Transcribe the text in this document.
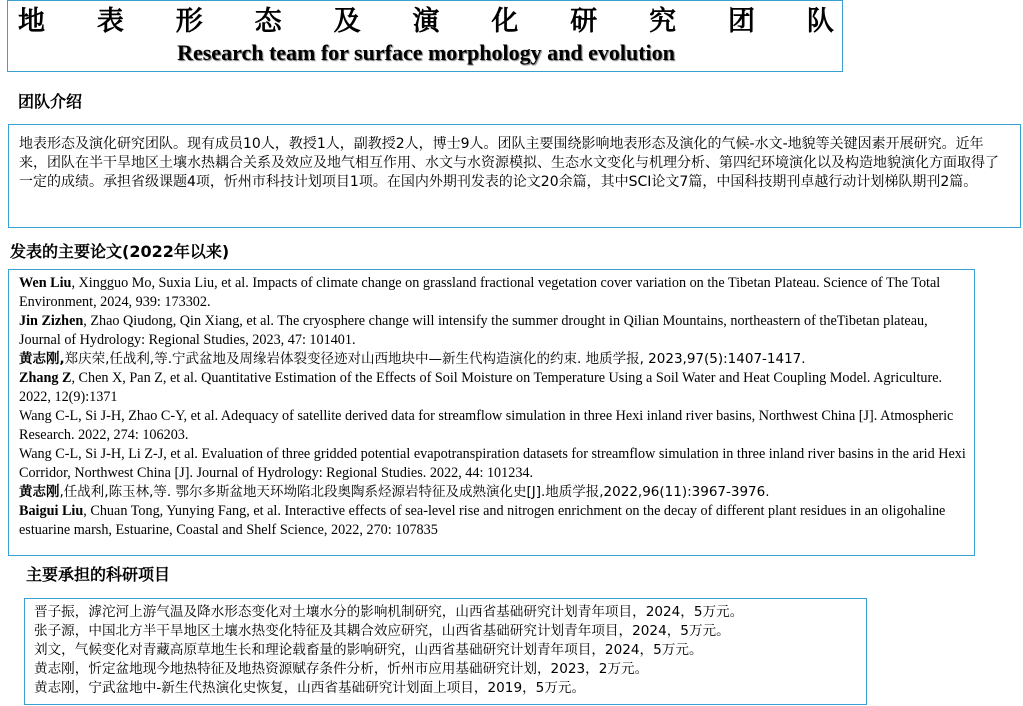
地 表 形 态 及 演 化 研 究 团 队
Research team for surface morphology and evolution
团队介绍

地表形态及演化研究团队。现有成员10人，教授1人，副教授2人，博士9人。团队主要围绕影响地表形态及演化的气候-水文-地貌等关键因素开展研究。近年来，团队在半干旱地区土壤水热耦合关系及效应及地气相互作用、水文与水资源模拟、生态水文变化与机理分析、第四纪环境演化以及构造地貌演化方面取得了一定的成绩。承担省级课题4项，忻州市科技计划项目1项。在国内外期刊发表的论文20余篇，其中SCI论文7篇，中国科技期刊卓越行动计划梯队期刊2篇。

发表的主要论文(2022年以来)
Wen Liu, Xingguo Mo, Suxia Liu, et al. Impacts of climate change on grassland fractional vegetation cover variation on the Tibetan Plateau. Science of The Total Environment, 2024, 939: 173302.
Jin Zizhen, Zhao Qiudong, Qin Xiang, et al. The cryosphere change will intensify the summer drought in Qilian Mountains, northeastern of theTibetan plateau, Journal of Hydrology: Regional Studies, 2023, 47: 101401.
黄志刚,郑庆荣,任战利,等.宁武盆地及周缘岩体裂变径迹对山西地块中—新生代构造演化的约束. 地质学报, 2023,97(5):1407-1417.
Zhang Z, Chen X, Pan Z, et al. Quantitative Estimation of the Effects of Soil Moisture on Temperature Using a Soil Water and Heat Coupling Model. Agriculture. 2022, 12(9):1371
Wang C-L, Si J-H, Zhao C-Y, et al. Adequacy of satellite derived data for streamflow simulation in three Hexi inland river basins, Northwest China [J]. Atmospheric Research. 2022, 274: 106203.
Wang C-L, Si J-H, Li Z-J, et al. Evaluation of three gridded potential evapotranspiration datasets for streamflow simulation in three inland river basins in the arid Hexi Corridor, Northwest China [J]. Journal of Hydrology: Regional Studies. 2022, 44: 101234.
黄志刚,任战利,陈玉林,等. 鄂尔多斯盆地天环坳陷北段奥陶系烃源岩特征及成熟演化史[J].地质学报,2022,96(11):3967-3976.
Baigui Liu, Chuan Tong, Yunying Fang, et al. Interactive effects of sea-level rise and nitrogen enrichment on the decay of different plant residues in an oligohaline estuarine marsh, Estuarine, Coastal and Shelf Science, 2022, 270: 107835
主要承担的科研项目
晋子振，滹沱河上游气温及降水形态变化对土壤水分的影响机制研究，山西省基础研究计划青年项目，2024，5万元。
张子源，中国北方半干旱地区土壤水热变化特征及其耦合效应研究，山西省基础研究计划青年项目，2024，5万元。
刘文，气候变化对青藏高原草地生长和理论载畜量的影响研究，山西省基础研究计划青年项目，2024，5万元。
黄志刚，忻定盆地现今地热特征及地热资源赋存条件分析，忻州市应用基础研究计划，2023，2万元。
黄志刚，宁武盆地中-新生代热演化史恢复，山西省基础研究计划面上项目，2019，5万元。
